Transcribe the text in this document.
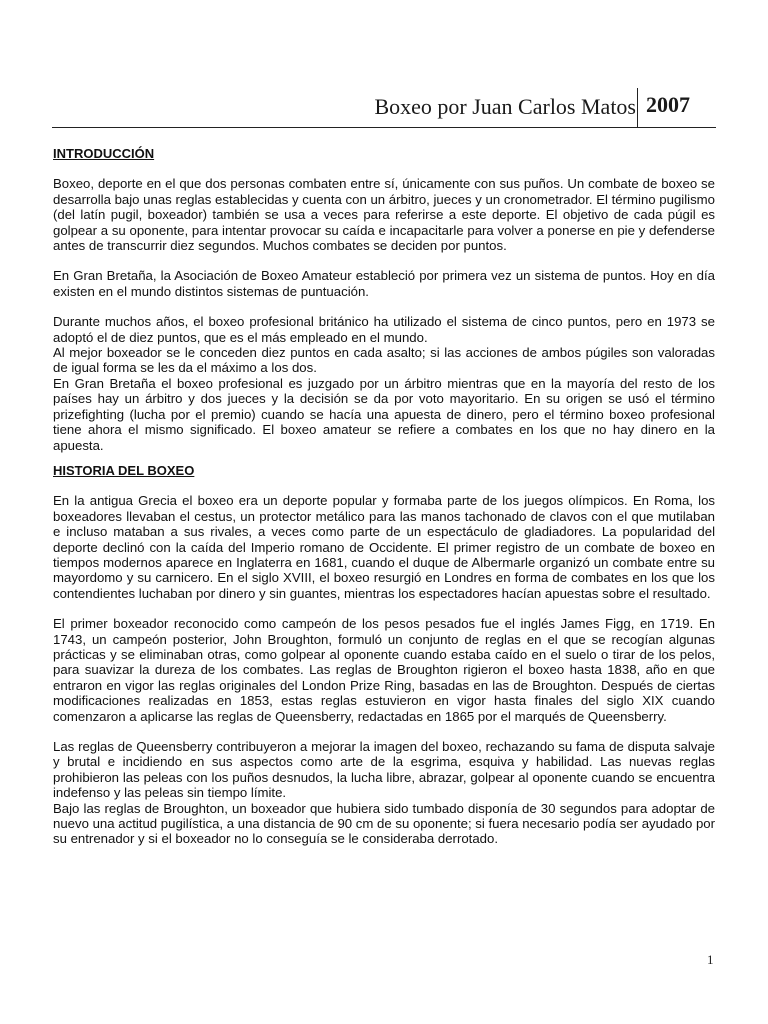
Boxeo por Juan Carlos Matos 2007

INTRODUCCIÓN

Boxeo, deporte en el que dos personas combaten entre sí, únicamente con sus puños. Un combate de boxeo se desarrolla bajo unas reglas establecidas y cuenta con un árbitro, jueces y un cronometrador. El término pugilismo (del latín pugil, boxeador) también se usa a veces para referirse a este deporte. El objetivo de cada púgil es golpear a su oponente, para intentar provocar su caída e incapacitarle para volver a ponerse en pie y defenderse antes de transcurrir diez segundos. Muchos combates se deciden por puntos.

En Gran Bretaña, la Asociación de Boxeo Amateur estableció por primera vez un sistema de puntos. Hoy en día existen en el mundo distintos sistemas de puntuación.

Durante muchos años, el boxeo profesional británico ha utilizado el sistema de cinco puntos, pero en 1973 se adoptó el de diez puntos, que es el más empleado en el mundo.

Al mejor boxeador se le conceden diez puntos en cada asalto; si las acciones de ambos púgiles son valoradas de igual forma se les da el máximo a los dos.

En Gran Bretaña el boxeo profesional es juzgado por un árbitro mientras que en la mayoría del resto de los países hay un árbitro y dos jueces y la decisión se da por voto mayoritario. En su origen se usó el término prizefighting (lucha por el premio) cuando se hacía una apuesta de dinero, pero el término boxeo profesional tiene ahora el mismo significado. El boxeo amateur se refiere a combates en los que no hay dinero en la apuesta.

HISTORIA DEL BOXEO

En la antigua Grecia el boxeo era un deporte popular y formaba parte de los juegos olímpicos. En Roma, los boxeadores llevaban el cestus, un protector metálico para las manos tachonado de clavos con el que mutilaban e incluso mataban a sus rivales, a veces como parte de un espectáculo de gladiadores. La popularidad del deporte declinó con la caída del Imperio romano de Occidente. El primer registro de un combate de boxeo en tiempos modernos aparece en Inglaterra en 1681, cuando el duque de Albermarle organizó un combate entre su mayordomo y su carnicero. En el siglo XVIII, el boxeo resurgió en Londres en forma de combates en los que los contendientes luchaban por dinero y sin guantes, mientras los espectadores hacían apuestas sobre el resultado.

El primer boxeador reconocido como campeón de los pesos pesados fue el inglés James Figg, en 1719. En 1743, un campeón posterior, John Broughton, formuló un conjunto de reglas en el que se recogían algunas prácticas y se eliminaban otras, como golpear al oponente cuando estaba caído en el suelo o tirar de los pelos, para suavizar la dureza de los combates. Las reglas de Broughton rigieron el boxeo hasta 1838, año en que entraron en vigor las reglas originales del London Prize Ring, basadas en las de Broughton. Después de ciertas modificaciones realizadas en 1853, estas reglas estuvieron en vigor hasta finales del siglo XIX cuando comenzaron a aplicarse las reglas de Queensberry, redactadas en 1865 por el marqués de Queensberry.

Las reglas de Queensberry contribuyeron a mejorar la imagen del boxeo, rechazando su fama de disputa salvaje y brutal e incidiendo en sus aspectos como arte de la esgrima, esquiva y habilidad. Las nuevas reglas prohibieron las peleas con los puños desnudos, la lucha libre, abrazar, golpear al oponente cuando se encuentra indefenso y las peleas sin tiempo límite.

Bajo las reglas de Broughton, un boxeador que hubiera sido tumbado disponía de 30 segundos para adoptar de nuevo una actitud pugilística, a una distancia de 90 cm de su oponente; si fuera necesario podía ser ayudado por su entrenador y si el boxeador no lo conseguía se le consideraba derrotado.

1
